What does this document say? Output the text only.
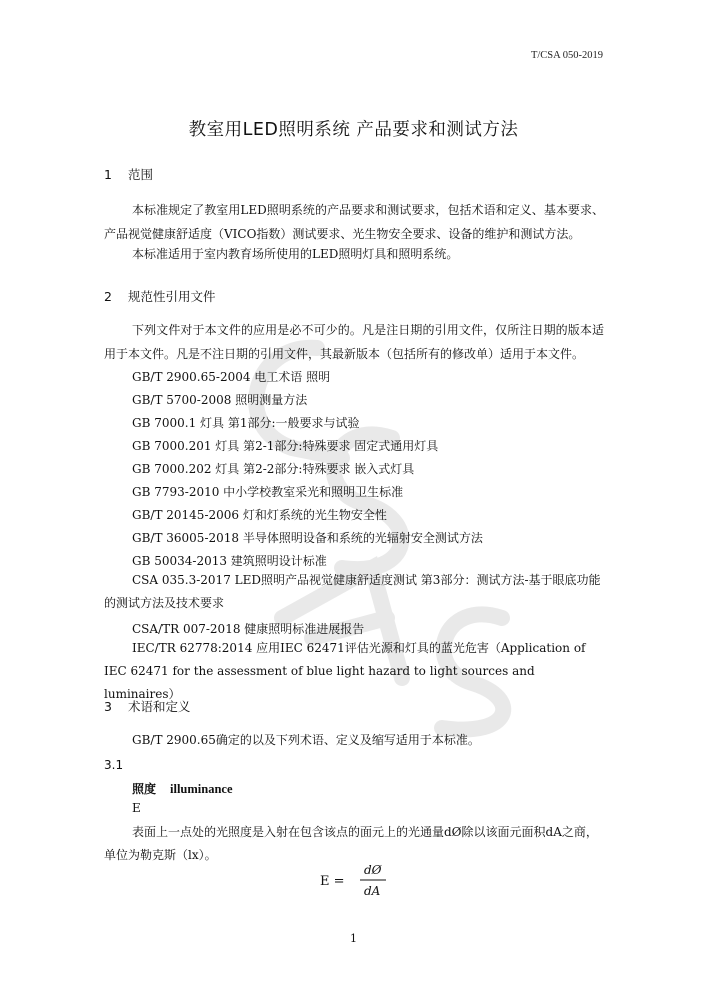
T/CSA 050-2019
教室用LED照明系统 产品要求和测试方法
1 范围
本标准规定了教室用LED照明系统的产品要求和测试要求，包括术语和定义、基本要求、产品视觉健康舒适度（VICO指数）测试要求、光生物安全要求、设备的维护和测试方法。
本标准适用于室内教育场所使用的LED照明灯具和照明系统。
2 规范性引用文件
下列文件对于本文件的应用是必不可少的。凡是注日期的引用文件，仅所注日期的版本适用于本文件。凡是不注日期的引用文件，其最新版本（包括所有的修改单）适用于本文件。
GB/T 2900.65-2004 电工术语 照明
GB/T 5700-2008 照明测量方法
GB 7000.1 灯具 第1部分:一般要求与试验
GB 7000.201 灯具 第2-1部分:特殊要求 固定式通用灯具
GB 7000.202 灯具 第2-2部分:特殊要求 嵌入式灯具
GB 7793-2010 中小学校教室采光和照明卫生标准
GB/T 20145-2006 灯和灯系统的光生物安全性
GB/T 36005-2018 半导体照明设备和系统的光辐射安全测试方法
GB 50034-2013 建筑照明设计标准
CSA 035.3-2017 LED照明产品视觉健康舒适度测试 第3部分：测试方法-基于眼底功能的测试方法及技术要求
CSA/TR 007-2018 健康照明标准进展报告
IEC/TR 62778:2014 应用IEC 62471评估光源和灯具的蓝光危害（Application of IEC 62471 for the assessment of blue light hazard to light sources and luminaires）
3 术语和定义
GB/T 2900.65确定的以及下列术语、定义及缩写适用于本标准。
3.1
照度 illuminance
E
表面上一点处的光照度是入射在包含该点的面元上的光通量dØ除以该面元面积dA之商，单位为勒克斯（lx）。
E =
dØ
dA
1
